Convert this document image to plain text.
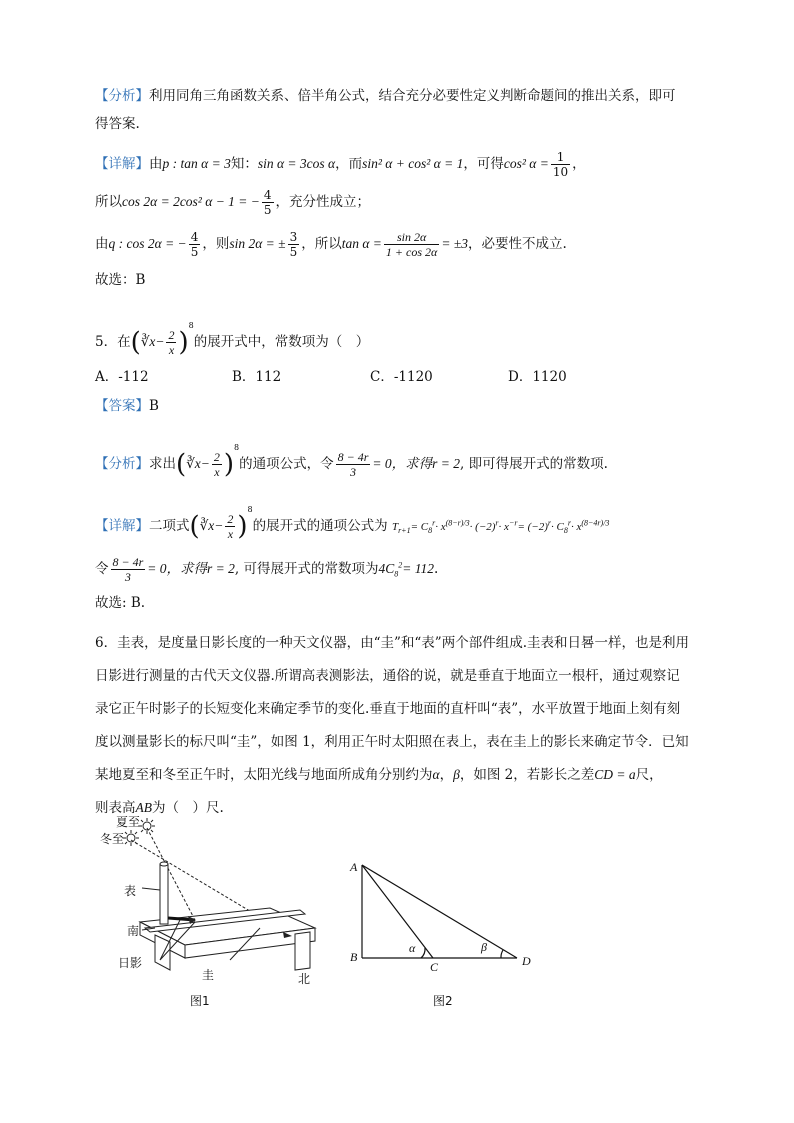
【分析】利用同角三角函数关系、倍半角公式，结合充分必要性定义判断命题间的推出关系，即可
得答案.
【详解】由p : tan α = 3知：sin α = 3cos α，而sin² α + cos² α = 1，可得cos² $\alpha = \frac{1}{10}$ ，
所以cos 2α = 2cos² α − 1 = − $\frac{4}{5}$ ，充分性成立；
由q : cos 2α = − $\frac{4}{5}$ ，则sin 2α = ± $\frac{3}{5}$ ，所以$\tan \alpha = \frac{\sin 2\alpha}{1 + \cos 2\alpha} = \pm 3$，必要性不成立.
故选：B
5．在(∛x− $\frac{2}{x} )^8$的展开式中，常数项为（　）
A．-112	B．112	C．-1120	D．1120
【答案】B
【分析】求出(∛x− $\frac{2}{x} )^8$的通项公式，令 $\frac{8 - 4r}{3} = 0$，求得r = 2, 即可得展开式的常数项.
【详解】二项式(∛x− $\frac{2}{x} )^8$的展开式的通项公式为 $T_{r+1}= C_8^r\cdot x^{(8-r)/3}\cdot (-2)^r\cdot x^{-r}= (-2)^r\cdot C_8^r\cdot x^{(8-4r)/3}$
令 $\frac{8 - 4r}{3} = 0$，求得r = 2, 可得展开式的常数项为$4C_8^2= 112$.
故选: B.
6．圭表，是度量日影长度的一种天文仪器，由“圭”和“表”两个部件组成.圭表和日晷一样，也是利用
日影进行测量的古代天文仪器.所谓高表测影法，通俗的说，就是垂直于地面立一根杆，通过观察记
录它正午时影子的长短变化来确定季节的变化.垂直于地面的直杆叫“表”，水平放置于地面上刻有刻
度以测量影长的标尺叫“圭”，如图 1，利用正午时太阳照在表上，表在圭上的影长来确定节令．已知
某地夏至和冬至正午时，太阳光线与地面所成角分别约为α，β，如图 2，若影长之差CD = a尺，
则表高AB为（　）尺.
夏至
冬至
表
南
日影
圭	北
图1
A
B
C	D
α	β
图2
